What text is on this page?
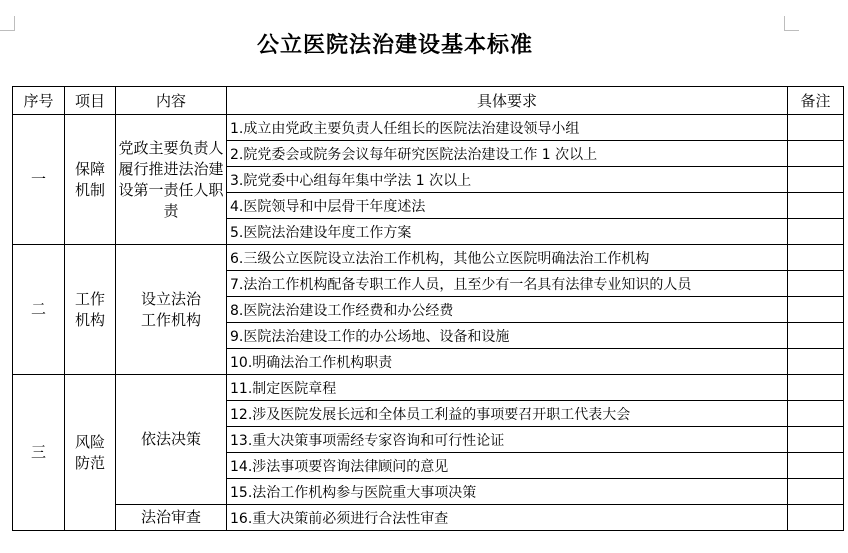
公立医院法治建设基本标准
序号	项目	内容	具体要求	备注
一	保障机制	党政主要负责人履行推进法治建设第一责任人职责	1.成立由党政主要负责人任组长的医院法治建设领导小组	
			2.院党委会或院务会议每年研究医院法治建设工作 1 次以上	
			3.院党委中心组每年集中学法 1 次以上	
			4.医院领导和中层骨干年度述法	
			5.医院法治建设年度工作方案	
二	工作机构	设立法治工作机构	6.三级公立医院设立法治工作机构，其他公立医院明确法治工作机构	
			7.法治工作机构配备专职工作人员，且至少有一名具有法律专业知识的人员	
			8.医院法治建设工作经费和办公经费	
			9.医院法治建设工作的办公场地、设备和设施	
			10.明确法治工作机构职责	
三	风险防范	依法决策	11.制定医院章程	
			12.涉及医院发展长远和全体员工利益的事项要召开职工代表大会	
			13.重大决策事项需经专家咨询和可行性论证	
			14.涉法事项要咨询法律顾问的意见	
			15.法治工作机构参与医院重大事项决策	
		法治审查	16.重大决策前必须进行合法性审查	
